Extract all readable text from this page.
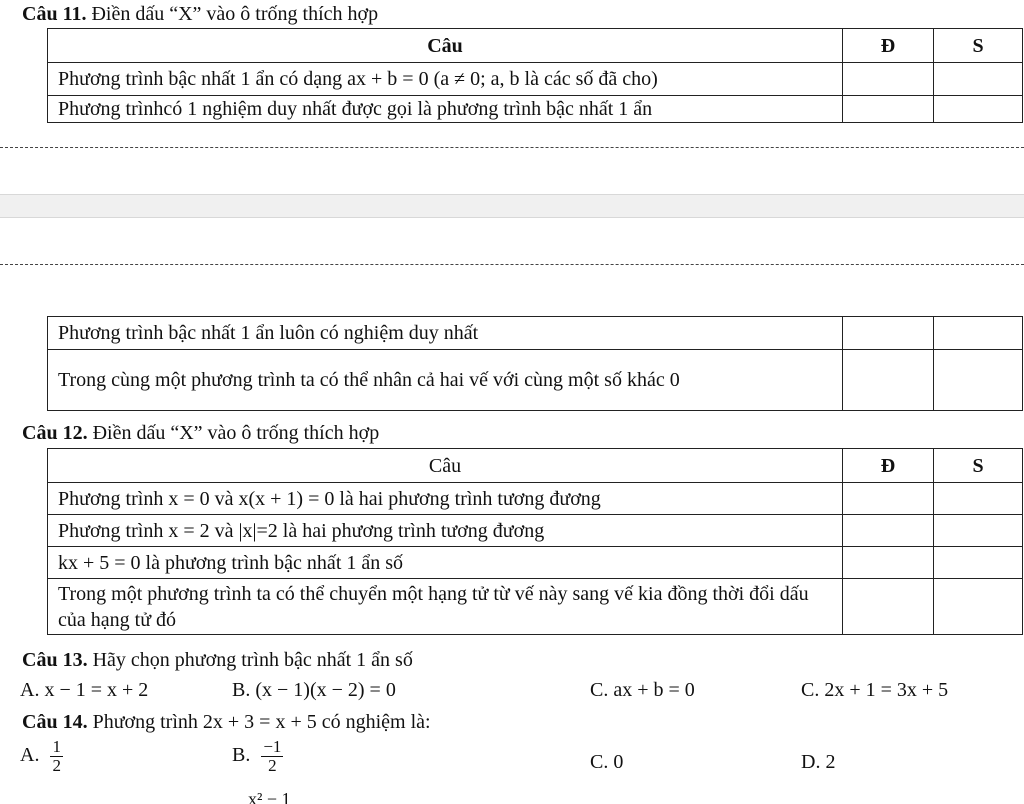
Câu 11. Điền dấu “X” vào ô trống thích hợp
Câu	Đ	S
Phương trình bậc nhất 1 ẩn có dạng ax + b = 0 (a ≠ 0; a, b là các số đã cho)		
Phương trìnhcó 1 nghiệm duy nhất được gọi là phương trình bậc nhất 1 ẩn		
Phương trình bậc nhất 1 ẩn luôn có nghiệm duy nhất		
Trong cùng một phương trình ta có thể nhân cả hai vế với cùng một số khác 0		
Câu 12. Điền dấu “X” vào ô trống thích hợp
Câu	Đ	S
Phương trình x = 0 và x(x + 1) = 0 là hai phương trình tương đương		
Phương trình x = 2 và |x|=2 là hai phương trình tương đương		
kx + 5 = 0 là phương trình bậc nhất 1 ẩn số		
Trong một phương trình ta có thể chuyển một hạng tử từ vế này sang vế kia đồng thời đổi dấu của hạng tử đó		
Câu 13. Hãy chọn phương trình bậc nhất 1 ẩn số
A. x − 1 = x + 2	B. (x − 1)(x − 2) = 0	C. ax + b = 0	C. 2x + 1 = 3x + 5
Câu 14. Phương trình 2x + 3 = x + 5 có nghiệm là:
A. $\frac{1}{2}$	B. $\frac{-1}{2}$	C. 0	D. 2
x² − 1
